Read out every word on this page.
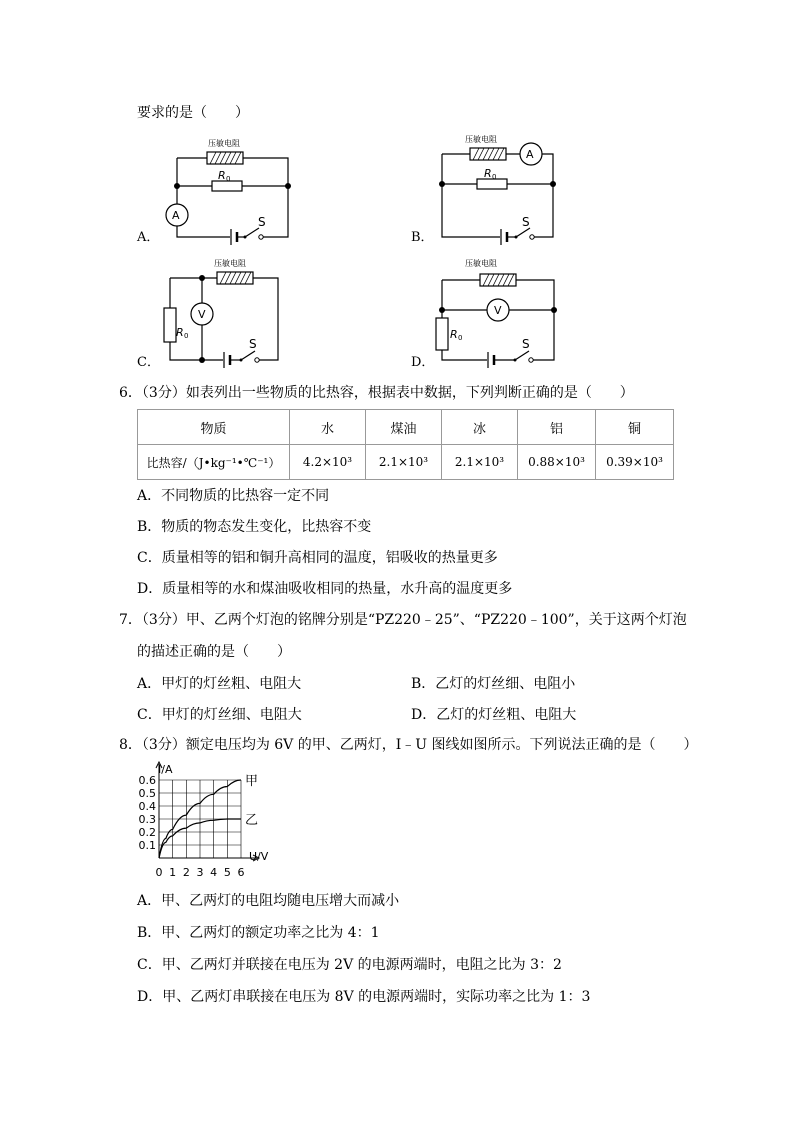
要求的是（　　）
压敏电阻
R 0
A	S
A．
压敏电阻
R 0
A
S
B．
压敏电阻
R 0
V
S
C．
压敏电阻
R 0
V
S
D．
6．（3分）如表列出一些物质的比热容，根据表中数据，下列判断正确的是（　　）
物质	水	煤油	冰	铝	铜
比热容/（J•kg⁻¹•℃⁻¹）	4.2×10³	2.1×10³	2.1×10³	0.88×10³	0.39×10³
A．不同物质的比热容一定不同
B．物质的物态发生变化，比热容不变
C．质量相等的铝和铜升高相同的温度，铝吸收的热量更多
D．质量相等的水和煤油吸收相同的热量，水升高的温度更多
7．（3分）甲、乙两个灯泡的铭牌分别是“PZ220﹣25”、“PZ220﹣100”，关于这两个灯泡
的描述正确的是（　　）
A．甲灯的灯丝粗、电阻大	B．乙灯的灯丝细、电阻小
C．甲灯的灯丝细、电阻大	D．乙灯的灯丝粗、电阻大
8．（3分）额定电压均为 6V 的甲、乙两灯，I﹣U 图线如图所示。下列说法正确的是（　　）
甲
乙
0 1 2 3 4 5 6
0.1
0.2
0.3
0.4
0.5
0.6
I/A
U/V
A．甲、乙两灯的电阻均随电压增大而减小
B．甲、乙两灯的额定功率之比为 4：1
C．甲、乙两灯并联接在电压为 2V 的电源两端时，电阻之比为 3：2
D．甲、乙两灯串联接在电压为 8V 的电源两端时，实际功率之比为 1：3
